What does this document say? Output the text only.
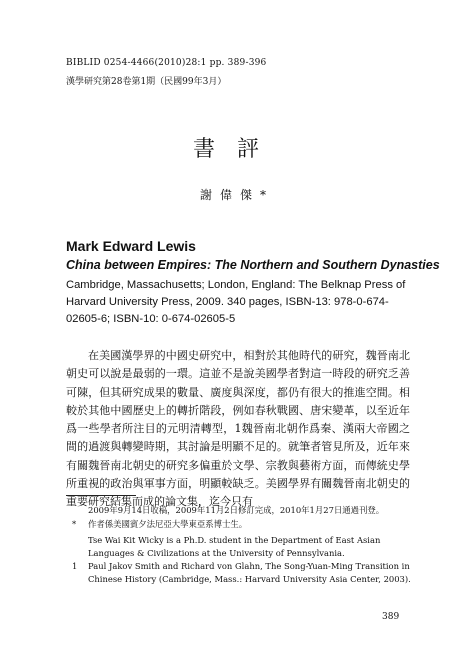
BIBLID 0254-4466(2010)28:1 pp. 389-396
漢學研究第28卷第1期（民國99年3月）
書評
謝偉傑*
Mark Edward Lewis
China between Empires: The Northern and Southern Dynasties
Cambridge, Massachusetts; London, England: The Belknap Press of Harvard University Press, 2009. 340 pages, ISBN-13: 978-0-674-02605-6; ISBN-10: 0-674-02605-5
在美國漢學界的中國史研究中，相對於其他時代的研究，魏晉南北朝史可以說是最弱的一環。這並不是說美國學者對這一時段的研究乏善可陳，但其研究成果的數量、廣度與深度，都仍有很大的推進空間。相較於其他中國歷史上的轉折階段，例如春秋戰國、唐宋變革，以至近年爲一些學者所注目的元明清轉型，1魏晉南北朝作爲秦、漢兩大帝國之間的過渡與轉變時期，其討論是明顯不足的。就筆者管見所及，近年來有關魏晉南北朝史的研究多偏重於文學、宗教與藝術方面，而傳統史學所重視的政治與軍事方面，明顯較缺乏。美國學界有關魏晉南北朝史的重要研究結集而成的論文集，迄今只有
2009年9月14日收稿，2009年11月2日修訂完成，2010年1月27日通過刊登。
* 作者係美國賓夕法尼亞大學東亞系博士生。
Tse Wai Kit Wicky is a Ph.D. student in the Department of East Asian Languages & Civilizations at the University of Pennsylvania.
1 Paul Jakov Smith and Richard von Glahn, The Song-Yuan-Ming Transition in Chinese History (Cambridge, Mass.: Harvard University Asia Center, 2003).
389
